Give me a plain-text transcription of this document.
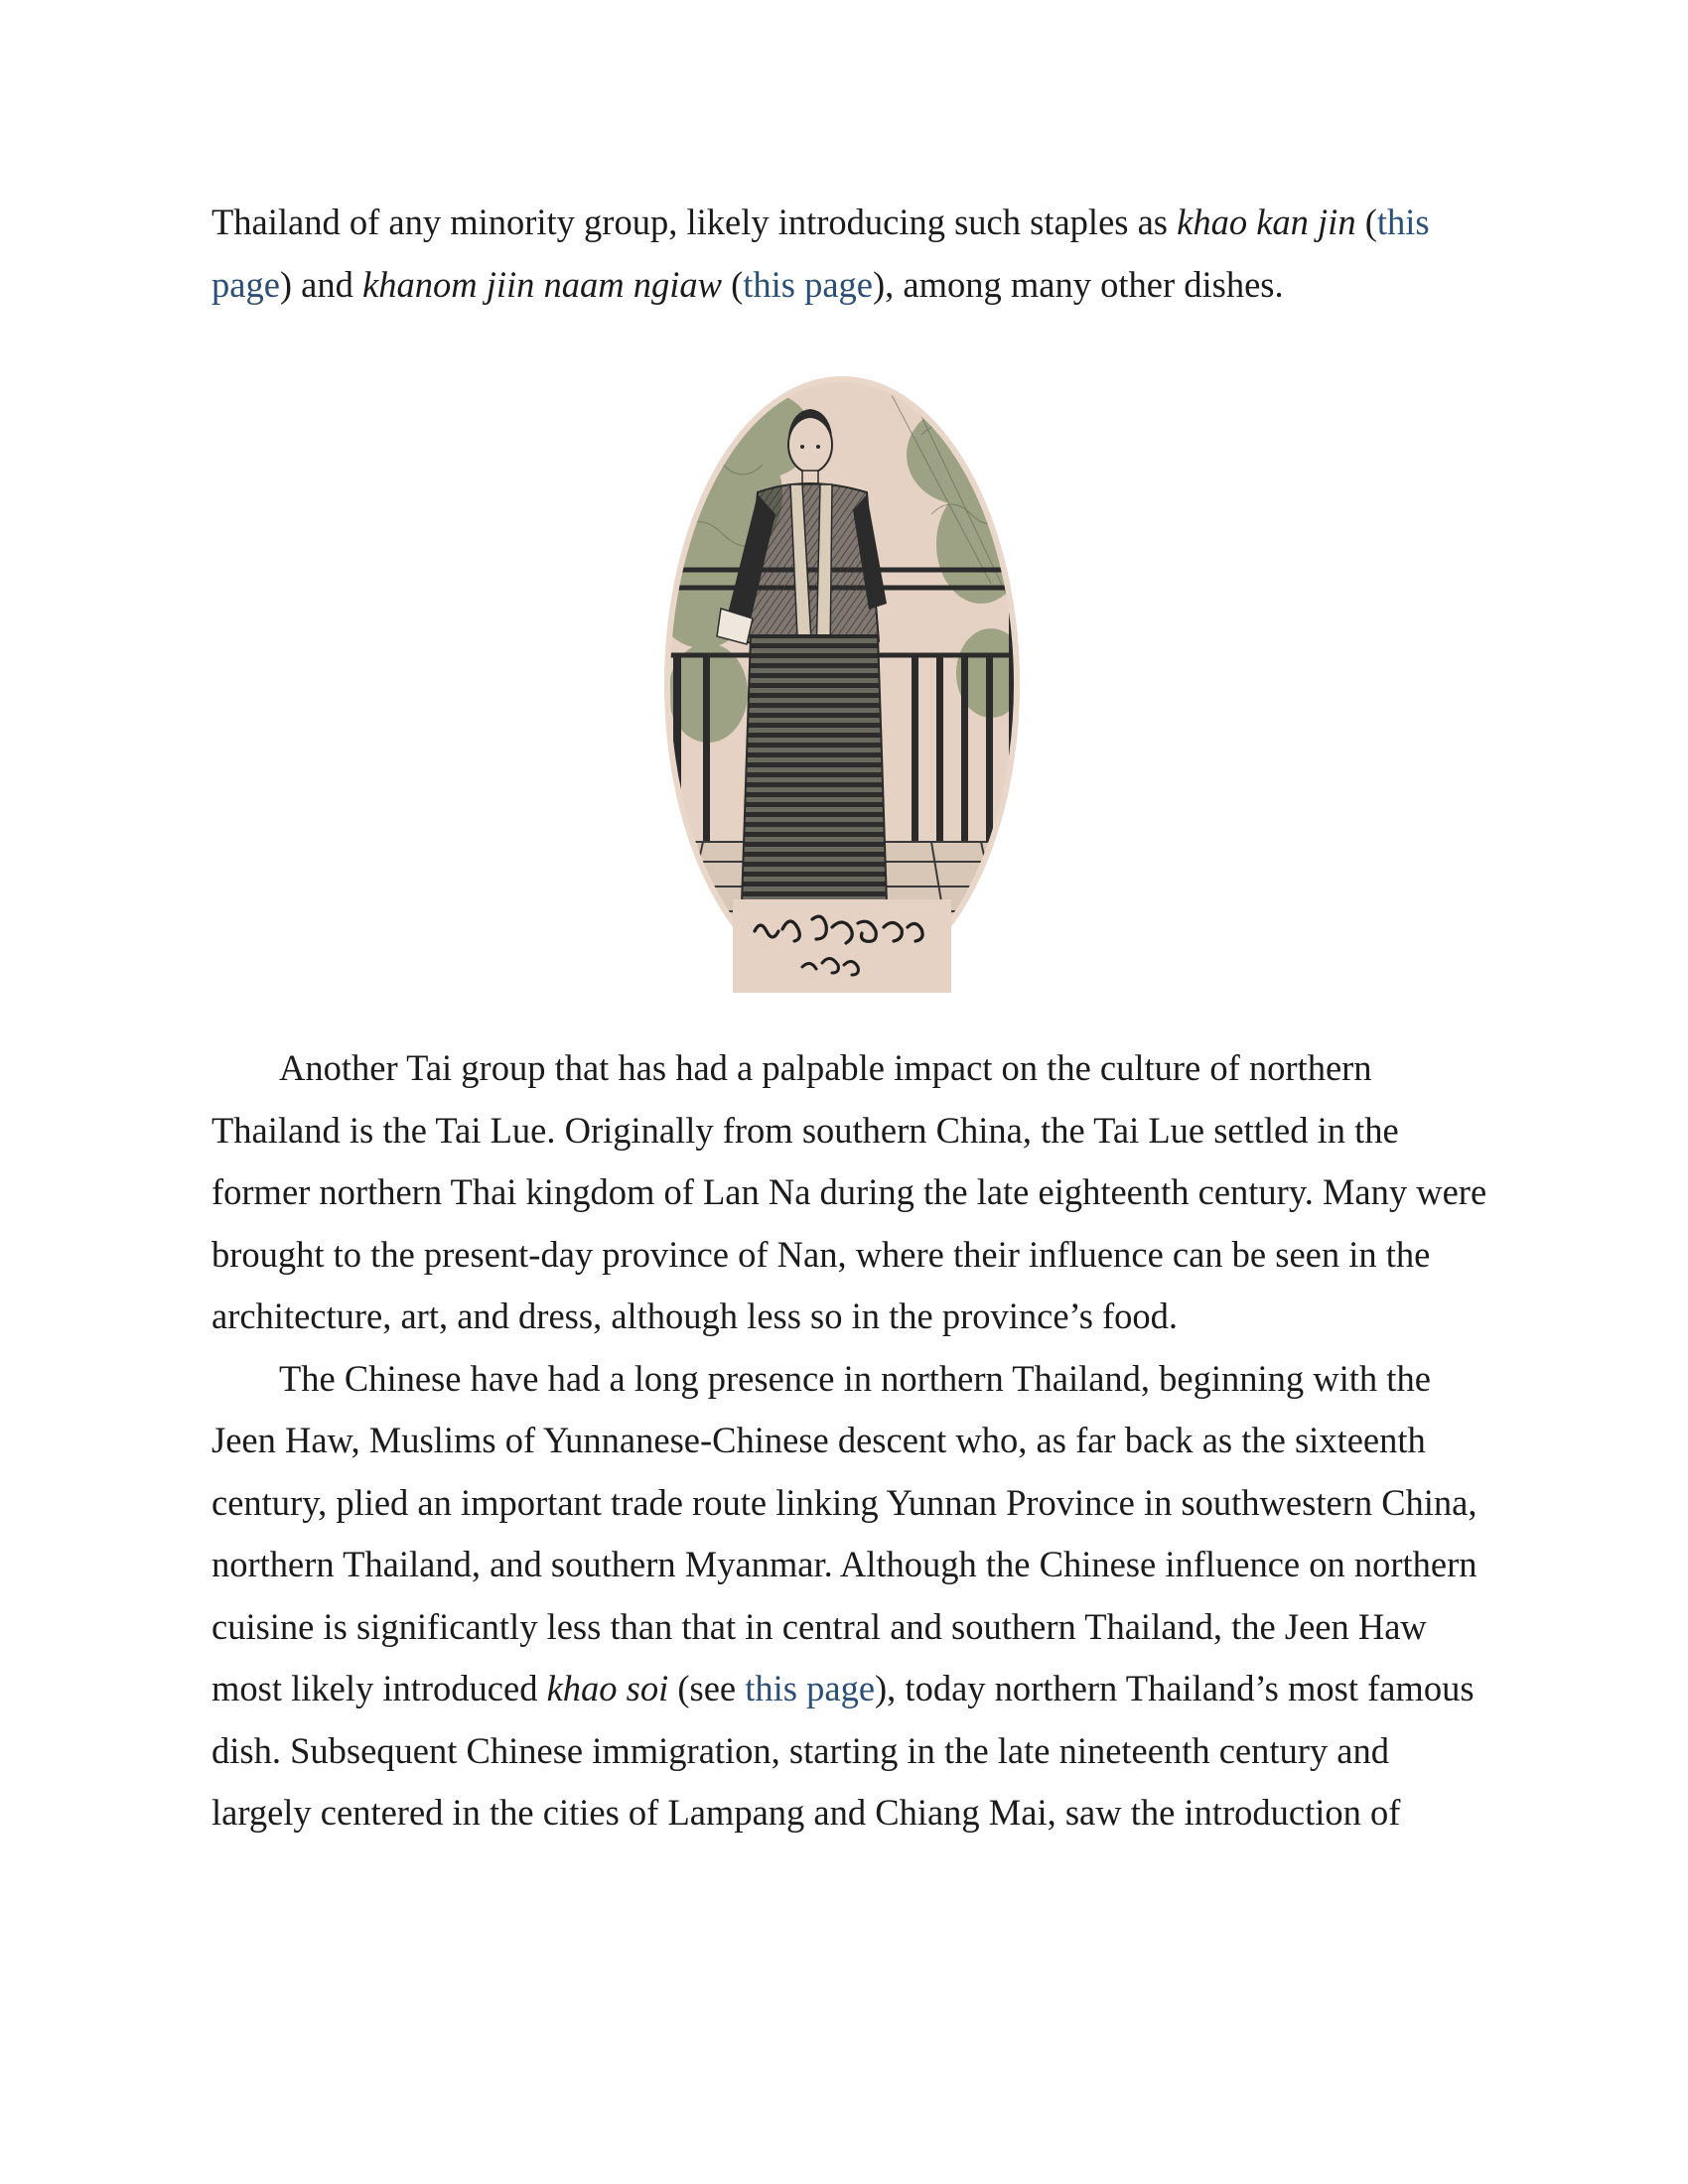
Thailand of any minority group, likely introducing such staples as khao kan jin (this page) and khanom jiin naam ngiaw (this page), among many other dishes.

Another Tai group that has had a palpable impact on the culture of northern Thailand is the Tai Lue. Originally from southern China, the Tai Lue settled in the former northern Thai kingdom of Lan Na during the late eighteenth century. Many were brought to the present-day province of Nan, where their influence can be seen in the architecture, art, and dress, although less so in the province’s food.

The Chinese have had a long presence in northern Thailand, beginning with the Jeen Haw, Muslims of Yunnanese-Chinese descent who, as far back as the sixteenth century, plied an important trade route linking Yunnan Province in southwestern China, northern Thailand, and southern Myanmar. Although the Chinese influence on northern cuisine is significantly less than that in central and southern Thailand, the Jeen Haw most likely introduced khao soi (see this page), today northern Thailand’s most famous dish. Subsequent Chinese immigration, starting in the late nineteenth century and largely centered in the cities of Lampang and Chiang Mai, saw the introduction of
